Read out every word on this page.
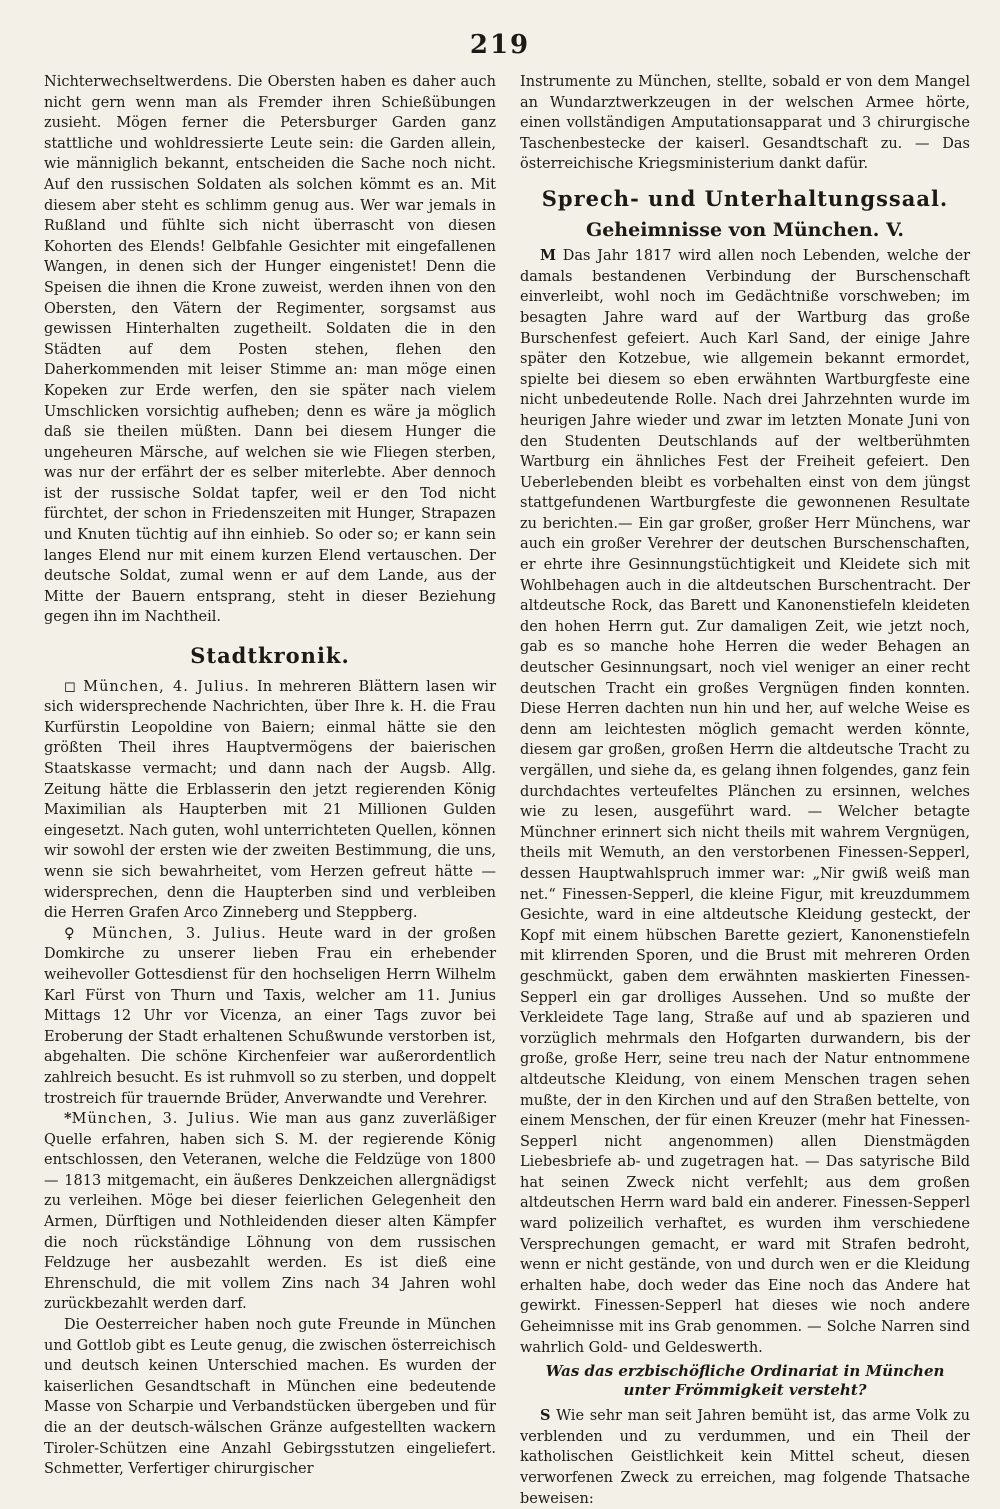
219

Nichterwechseltwerdens. Die Obersten haben es daher auch nicht gern wenn man als Fremder ihren Schießübungen zusieht. Mögen ferner die Petersburger Garden ganz stattliche und wohldressierte Leute sein: die Garden allein, wie männiglich bekannt, entscheiden die Sache noch nicht. Auf den russischen Soldaten als solchen kömmt es an. Mit diesem aber steht es schlimm genug aus. Wer war jemals in Rußland und fühlte sich nicht überrascht von diesen Kohorten des Elends! Gelbfahle Gesichter mit eingefallenen Wangen, in denen sich der Hunger eingenistet! Denn die Speisen die ihnen die Krone zuweist, werden ihnen von den Obersten, den Vätern der Regimenter, sorgsamst aus gewissen Hinterhalten zugetheilt. Soldaten die in den Städten auf dem Posten stehen, flehen den Daherkommenden mit leiser Stimme an: man möge einen Kopeken zur Erde werfen, den sie später nach vielem Umschlicken vorsichtig aufheben; denn es wäre ja möglich daß sie theilen müßten. Dann bei diesem Hunger die ungeheuren Märsche, auf welchen sie wie Fliegen sterben, was nur der erfährt der es selber miterlebte. Aber dennoch ist der russische Soldat tapfer, weil er den Tod nicht fürchtet, der schon in Friedenszeiten mit Hunger, Strapazen und Knuten tüchtig auf ihn einhieb. So oder so; er kann sein langes Elend nur mit einem kurzen Elend vertauschen. Der deutsche Soldat, zumal wenn er auf dem Lande, aus der Mitte der Bauern entsprang, steht in dieser Beziehung gegen ihn im Nachtheil.

Stadtkronik.

◻ München, 4. Julius. In mehreren Blättern lasen wir sich widersprechende Nachrichten, über Ihre k. H. die Frau Kurfürstin Leopoldine von Baiern; einmal hätte sie den größten Theil ihres Hauptvermögens der baierischen Staatskasse vermacht; und dann nach der Augsb. Allg. Zeitung hätte die Erblasserin den jetzt regierenden König Maximilian als Haupterben mit 21 Millionen Gulden eingesetzt. Nach guten, wohl unterrichteten Quellen, können wir sowohl der ersten wie der zweiten Bestimmung, die uns, wenn sie sich bewahrheitet, vom Herzen gefreut hätte — widersprechen, denn die Haupterben sind und verbleiben die Herren Grafen Arco Zinneberg und Steppberg.

♀ München, 3. Julius. Heute ward in der großen Domkirche zu unserer lieben Frau ein erhebender weihevoller Gottesdienst für den hochseligen Herrn Wilhelm Karl Fürst von Thurn und Taxis, welcher am 11. Junius Mittags 12 Uhr vor Vicenza, an einer Tags zuvor bei Eroberung der Stadt erhaltenen Schußwunde verstorben ist, abgehalten. Die schöne Kirchenfeier war außerordentlich zahlreich besucht. Es ist ruhmvoll so zu sterben, und doppelt trostreich für trauernde Brüder, Anverwandte und Verehrer.

*München, 3. Julius. Wie man aus ganz zuverläßiger Quelle erfahren, haben sich S. M. der regierende König entschlossen, den Veteranen, welche die Feldzüge von 1800 — 1813 mitgemacht, ein äußeres Denkzeichen allergnädigst zu verleihen. Möge bei dieser feierlichen Gelegenheit den Armen, Dürftigen und Nothleidenden dieser alten Kämpfer die noch rückständige Löhnung von dem russischen Feldzuge her ausbezahlt werden. Es ist dieß eine Ehrenschuld, die mit vollem Zins nach 34 Jahren wohl zurückbezahlt werden darf.

Die Oesterreicher haben noch gute Freunde in München und Gottlob gibt es Leute genug, die zwischen österreichisch und deutsch keinen Unterschied machen. Es wurden der kaiserlichen Gesandtschaft in München eine bedeutende Masse von Scharpie und Verbandstücken übergeben und für die an der deutsch-wälschen Gränze aufgestellten wackern Tiroler-Schützen eine Anzahl Gebirgsstutzen eingeliefert. Schmetter, Verfertiger chirurgischer

Instrumente zu München, stellte, sobald er von dem Mangel an Wundarztwerkzeugen in der welschen Armee hörte, einen vollständigen Amputationsapparat und 3 chirurgische Taschenbestecke der kaiserl. Gesandtschaft zu. — Das österreichische Kriegsministerium dankt dafür.

Sprech- und Unterhaltungssaal.
Geheimnisse von München. V.

M Das Jahr 1817 wird allen noch Lebenden, welche der damals bestandenen Verbindung der Burschenschaft einverleibt, wohl noch im Gedächtniße vorschweben; im besagten Jahre ward auf der Wartburg das große Burschenfest gefeiert. Auch Karl Sand, der einige Jahre später den Kotzebue, wie allgemein bekannt ermordet, spielte bei diesem so eben erwähnten Wartburgfeste eine nicht unbedeutende Rolle. Nach drei Jahrzehnten wurde im heurigen Jahre wieder und zwar im letzten Monate Juni von den Studenten Deutschlands auf der weltberühmten Wartburg ein ähnliches Fest der Freiheit gefeiert. Den Ueberlebenden bleibt es vorbehalten einst von dem jüngst stattgefundenen Wartburgfeste die gewonnenen Resultate zu berichten.— Ein gar großer, großer Herr Münchens, war auch ein großer Verehrer der deutschen Burschenschaften, er ehrte ihre Gesinnungstüchtigkeit und Kleidete sich mit Wohlbehagen auch in die altdeutschen Burschentracht. Der altdeutsche Rock, das Barett und Kanonenstiefeln kleideten den hohen Herrn gut. Zur damaligen Zeit, wie jetzt noch, gab es so manche hohe Herren die weder Behagen an deutscher Gesinnungsart, noch viel weniger an einer recht deutschen Tracht ein großes Vergnügen finden konnten. Diese Herren dachten nun hin und her, auf welche Weise es denn am leichtesten möglich gemacht werden könnte, diesem gar großen, großen Herrn die altdeutsche Tracht zu vergällen, und siehe da, es gelang ihnen folgendes, ganz fein durchdachtes verteufeltes Plänchen zu ersinnen, welches wie zu lesen, ausgeführt ward. — Welcher betagte Münchner erinnert sich nicht theils mit wahrem Vergnügen, theils mit Wemuth, an den verstorbenen Finessen-Sepperl, dessen Hauptwahlspruch immer war: „Nir gwiß weiß man net.“ Finessen-Sepperl, die kleine Figur, mit kreuzdummem Gesichte, ward in eine altdeutsche Kleidung gesteckt, der Kopf mit einem hübschen Barette geziert, Kanonenstiefeln mit klirrenden Sporen, und die Brust mit mehreren Orden geschmückt, gaben dem erwähnten maskierten Finessen-Sepperl ein gar drolliges Aussehen. Und so mußte der Verkleidete Tage lang, Straße auf und ab spazieren und vorzüglich mehrmals den Hofgarten durwandern, bis der große, große Herr, seine treu nach der Natur entnommene altdeutsche Kleidung, von einem Menschen tragen sehen mußte, der in den Kirchen und auf den Straßen bettelte, von einem Menschen, der für einen Kreuzer (mehr hat Finessen-Sepperl nicht angenommen) allen Dienstmägden Liebesbriefe ab- und zugetragen hat. — Das satyrische Bild hat seinen Zweck nicht verfehlt; aus dem großen altdeutschen Herrn ward bald ein anderer. Finessen-Sepperl ward polizeilich verhaftet, es wurden ihm verschiedene Versprechungen gemacht, er ward mit Strafen bedroht, wenn er nicht gestände, von und durch wen er die Kleidung erhalten habe, doch weder das Eine noch das Andere hat gewirkt. Finessen-Sepperl hat dieses wie noch andere Geheimnisse mit ins Grab genommen. — Solche Narren sind wahrlich Gold- und Geldeswerth.

Was das erzbischöfliche Ordinariat in München unter Frömmigkeit versteht?

S Wie sehr man seit Jahren bemüht ist, das arme Volk zu verblenden und zu verdummen, und ein Theil der katholischen Geistlichkeit kein Mittel scheut, diesen verworfenen Zweck zu erreichen, mag folgende Thatsache beweisen:
